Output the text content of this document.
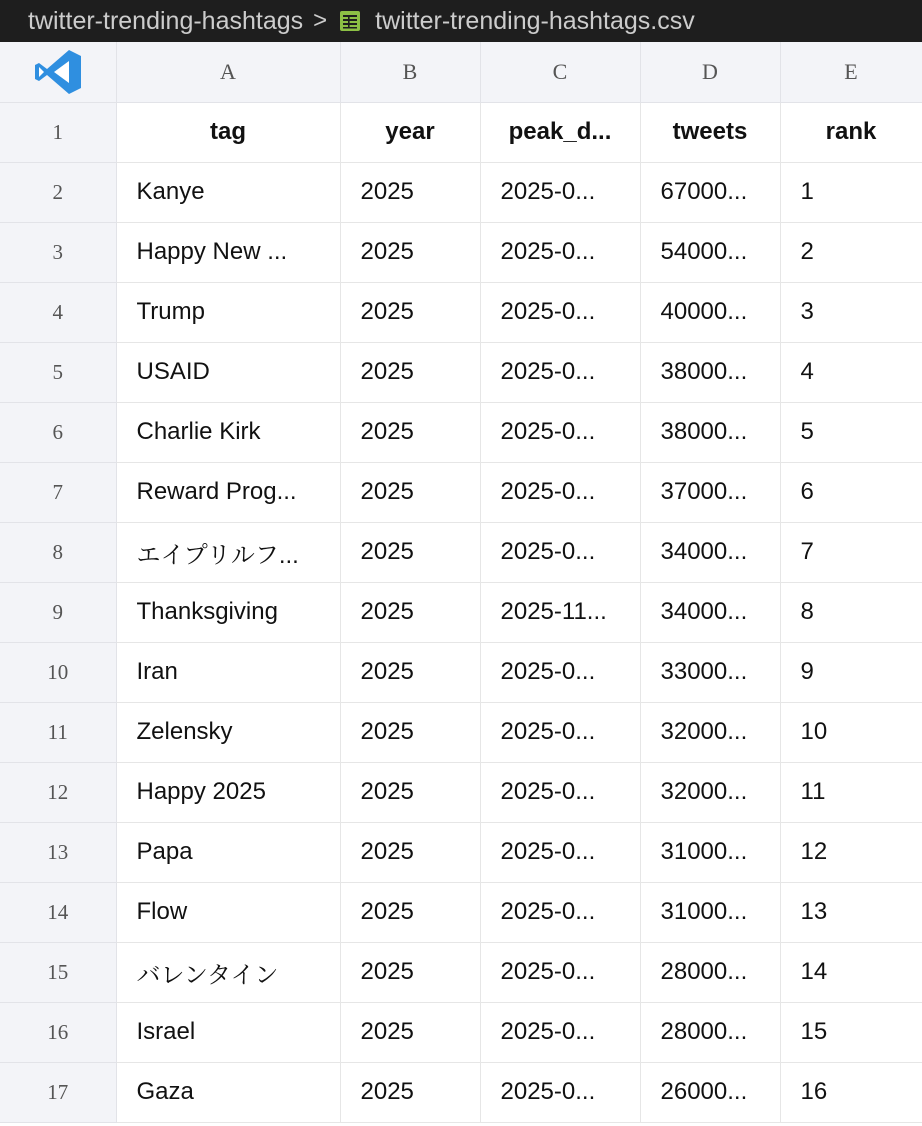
twitter-trending-hashtags > twitter-trending-hashtags.csv
	A	B	C	D	E
1	tag	year	peak_d...	tweets	rank
2	Kanye	2025	2025-0...	67000...	1
3	Happy New ...	2025	2025-0...	54000...	2
4	Trump	2025	2025-0...	40000...	3
5	USAID	2025	2025-0...	38000...	4
6	Charlie Kirk	2025	2025-0...	38000...	5
7	Reward Prog...	2025	2025-0...	37000...	6
8	エイプリルフ...	2025	2025-0...	34000...	7
9	Thanksgiving	2025	2025-11...	34000...	8
10	Iran	2025	2025-0...	33000...	9
11	Zelensky	2025	2025-0...	32000...	10
12	Happy 2025	2025	2025-0...	32000...	11
13	Papa	2025	2025-0...	31000...	12
14	Flow	2025	2025-0...	31000...	13
15	バレンタイン	2025	2025-0...	28000...	14
16	Israel	2025	2025-0...	28000...	15
17	Gaza	2025	2025-0...	26000...	16
